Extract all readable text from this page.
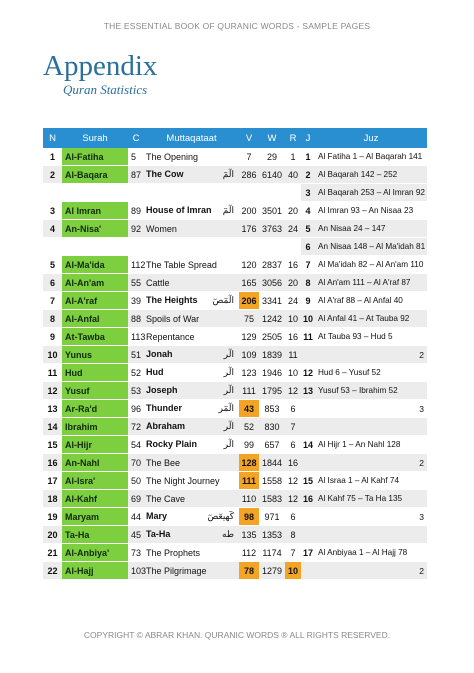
THE ESSENTIAL BOOK OF QURANIC WORDS - SAMPLE PAGES
Appendix
Quran Statistics
N	Surah	C	Muttaqataat	V	W	R	J	Juz
1	Al-Fatiha	5	The Opening	7	29	1	1	Al Fatiha 1 – Al Baqarah 141
2	Al-Baqara	87	The Cow الٓمٓ	286	6140	40	2	Al Baqarah 142 – 252
							3	Al Baqarah 253 – Al Imran 92
3	Al Imran	89	House of Imran الٓمٓ	200	3501	20	4	Al Imran 93 – An Nisaa 23
4	An-Nisa'	92	Women	176	3763	24	5	An Nisaa 24 – 147
							6	An Nisaa 148 – Al Ma'idah 81
5	Al-Ma'ida	112	The Table Spread	120	2837	16	7	Al Ma'idah 82 – Al An'am 110
6	Al-An'am	55	Cattle	165	3056	20	8	Al An'am 111 – Al A'raf 87
7	Al-A'raf	39	The Heights الٓمٓصٓ	206	3341	24	9	Al A'raf 88 – Al Anfal 40
8	Al-Anfal	88	Spoils of War	75	1242	10	10	Al Anfal 41 – At Tauba 92
9	At-Tawba	113	Repentance	129	2505	16	11	At Tauba 93 – Hud 5
10	Yunus	51	Jonah الٓر	109	1839	11		2

11	Hud	52	Hud الٓر	123	1946	10	12	Hud 6 – Yusuf 52
12	Yusuf	53	Joseph الٓر	111	1795	12	13	Yusuf 53 – Ibrahim 52
13	Ar-Ra'd	96	Thunder الٓمٓر	43	853	6		3

14	Ibrahim	72	Abraham الٓر	52	830	7		
15	Al-Hijr	54	Rocky Plain الٓر	99	657	6	14	Al Hijr 1 – An Nahl 128
16	An-Nahl	70	The Bee	128	1844	16		2

17	Al-Isra'	50	The Night Journey	111	1558	12	15	Al Israa 1 – Al Kahf 74
18	Al-Kahf	69	The Cave	110	1583	12	16	Al Kahf 75 – Ta Ha 135
19	Maryam	44	Mary كٓهيعٓصٓ	98	971	6		3

20	Ta-Ha	45	Ta-Ha طه	135	1353	8		
21	Al-Anbiya'	73	The Prophets	112	1174	7	17	Al Anbiyaa 1 – Al Hajj 78
22	Al-Hajj	103	The Pilgrimage	78	1279	10		2
COPYRIGHT © ABRAR KHAN. QURANIC WORDS ® ALL RIGHTS RESERVED.
